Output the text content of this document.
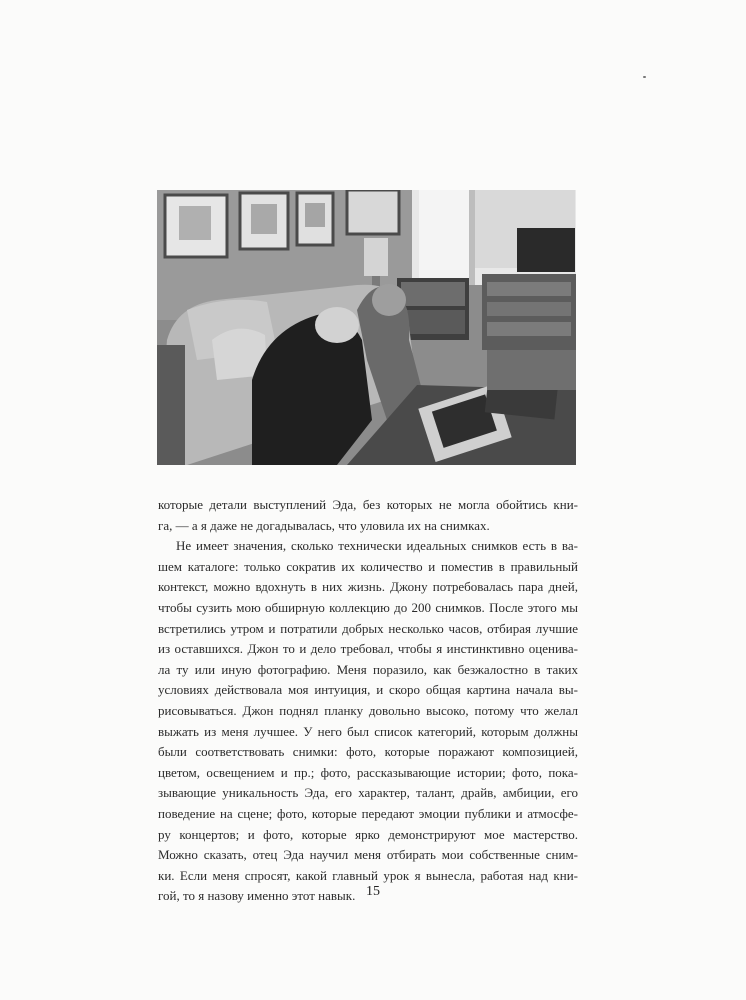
которые детали выступлений Эда, без которых не могла обойтись кни-
га, — а я даже не догадывалась, что уловила их на снимках.
Не имеет значения, сколько технически идеальных снимков есть в ва-
шем каталоге: только сократив их количество и поместив в правильный
контекст, можно вдохнуть в них жизнь. Джону потребовалась пара дней,
чтобы сузить мою обширную коллекцию до 200 снимков. После этого мы
встретились утром и потратили добрых несколько часов, отбирая лучшие
из оставшихся. Джон то и дело требовал, чтобы я инстинктивно оценива-
ла ту или иную фотографию. Меня поразило, как безжалостно в таких
условиях действовала моя интуиция, и скоро общая картина начала вы-
рисовываться. Джон поднял планку довольно высоко, потому что желал
выжать из меня лучшее. У него был список категорий, которым должны
были соответствовать снимки: фото, которые поражают композицией,
цветом, освещением и пр.; фото, рассказывающие истории; фото, пока-
зывающие уникальность Эда, его характер, талант, драйв, амбиции, его
поведение на сцене; фото, которые передают эмоции публики и атмосфе-
ру концертов; и фото, которые ярко демонстрируют мое мастерство.
Можно сказать, отец Эда научил меня отбирать мои собственные сним-
ки. Если меня спросят, какой главный урок я вынесла, работая над кни-
гой, то я назову именно этот навык. 15
